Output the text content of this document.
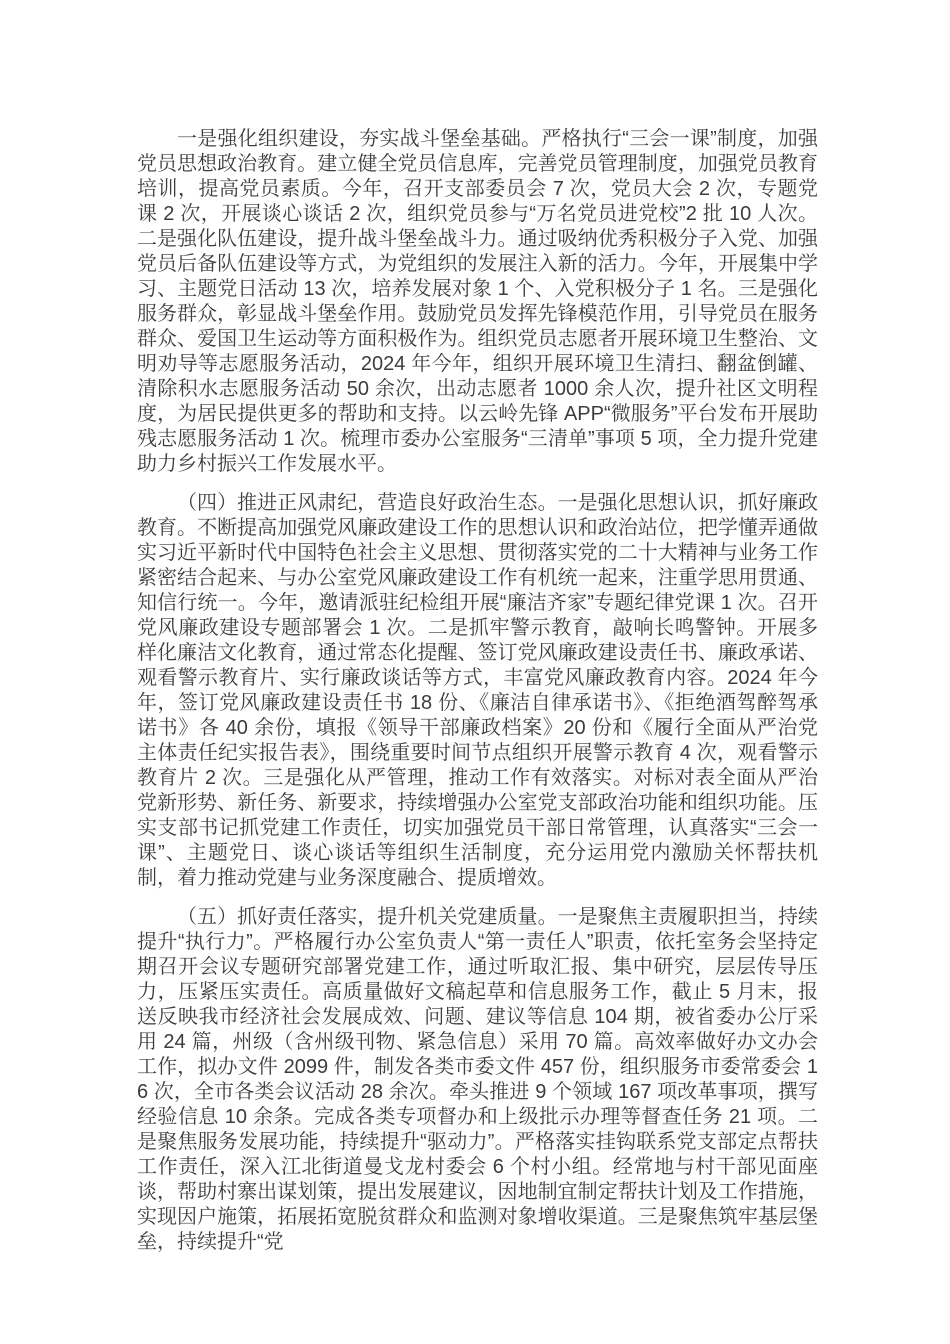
一是强化组织建设，夯实战斗堡垒基础。严格执行“三会一课”制度，加强党员思想政治教育。建立健全党员信息库，完善党员管理制度，加强党员教育培训，提高党员素质。今年，召开支部委员会 7 次，党员大会 2 次，专题党课 2 次，开展谈心谈话 2 次，组织党员参与“万名党员进党校”2 批 10 人次。二是强化队伍建设，提升战斗堡垒战斗力。通过吸纳优秀积极分子入党、加强党员后备队伍建设等方式，为党组织的发展注入新的活力。今年，开展集中学习、主题党日活动 13 次，培养发展对象 1 个、入党积极分子 1 名。三是强化服务群众，彰显战斗堡垒作用。鼓励党员发挥先锋模范作用，引导党员在服务群众、爱国卫生运动等方面积极作为。组织党员志愿者开展环境卫生整治、文明劝导等志愿服务活动，2024 年今年，组织开展环境卫生清扫、翻盆倒罐、清除积水志愿服务活动 50 余次，出动志愿者 1000 余人次，提升社区文明程度，为居民提供更多的帮助和支持。以云岭先锋 APP“微服务”平台发布开展助残志愿服务活动 1 次。梳理市委办公室服务“三清单”事项 5 项，全力提升党建助力乡村振兴工作发展水平。

（四）推进正风肃纪，营造良好政治生态。一是强化思想认识，抓好廉政教育。不断提高加强党风廉政建设工作的思想认识和政治站位，把学懂弄通做实习近平新时代中国特色社会主义思想、贯彻落实党的二十大精神与业务工作紧密结合起来、与办公室党风廉政建设工作有机统一起来，注重学思用贯通、知信行统一。今年，邀请派驻纪检组开展“廉洁齐家”专题纪律党课 1 次。召开党风廉政建设专题部署会 1 次。二是抓牢警示教育，敲响长鸣警钟。开展多样化廉洁文化教育，通过常态化提醒、签订党风廉政建设责任书、廉政承诺、观看警示教育片、实行廉政谈话等方式，丰富党风廉政教育内容。2024 年今年，签订党风廉政建设责任书 18 份、《廉洁自律承诺书》、《拒绝酒驾醉驾承诺书》各 40 余份，填报《领导干部廉政档案》20 份和《履行全面从严治党主体责任纪实报告表》，围绕重要时间节点组织开展警示教育 4 次，观看警示教育片 2 次。三是强化从严管理，推动工作有效落实。对标对表全面从严治党新形势、新任务、新要求，持续增强办公室党支部政治功能和组织功能。压实支部书记抓党建工作责任，切实加强党员干部日常管理，认真落实“三会一课”、主题党日、谈心谈话等组织生活制度，充分运用党内激励关怀帮扶机制，着力推动党建与业务深度融合、提质增效。

（五）抓好责任落实，提升机关党建质量。一是聚焦主责履职担当，持续提升“执行力”。严格履行办公室负责人“第一责任人”职责，依托室务会坚持定期召开会议专题研究部署党建工作，通过听取汇报、集中研究，层层传导压力，压紧压实责任。高质量做好文稿起草和信息服务工作，截止 5 月末，报送反映我市经济社会发展成效、问题、建议等信息 104 期，被省委办公厅采用 24 篇，州级（含州级刊物、紧急信息）采用 70 篇。高效率做好办文办会工作，拟办文件 2099 件，制发各类市委文件 457 份，组织服务市委常委会 16 次，全市各类会议活动 28 余次。牵头推进 9 个领域 167 项改革事项，撰写经验信息 10 余条。完成各类专项督办和上级批示办理等督查任务 21 项。二是聚焦服务发展功能，持续提升“驱动力”。严格落实挂钩联系党支部定点帮扶工作责任，深入江北街道曼戈龙村委会 6 个村小组。经常地与村干部见面座谈，帮助村寨出谋划策，提出发展建议，因地制宜制定帮扶计划及工作措施，实现因户施策，拓展拓宽脱贫群众和监测对象增收渠道。三是聚焦筑牢基层堡垒，持续提升“党
